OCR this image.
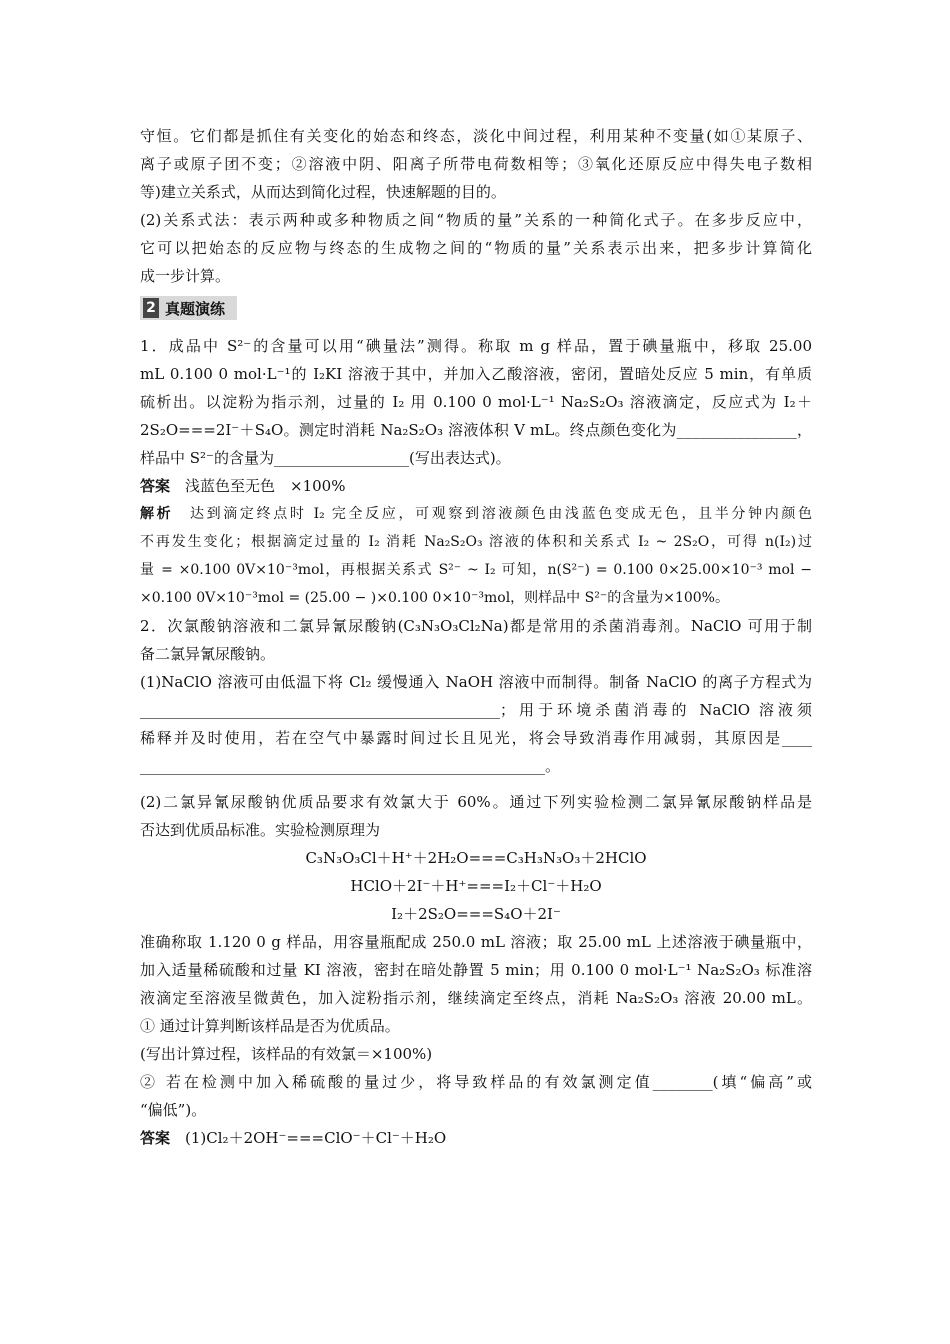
守恒。它们都是抓住有关变化的始态和终态，淡化中间过程，利用某种不变量(如①某原子、
离子或原子团不变；②溶液中阴、阳离子所带电荷数相等；③氧化还原反应中得失电子数相
等)建立关系式，从而达到简化过程，快速解题的目的。
(2)关系式法：表示两种或多种物质之间“物质的量”关系的一种简化式子。在多步反应中，
它可以把始态的反应物与终态的生成物之间的“物质的量”关系表示出来，把多步计算简化
成一步计算。
2 真题演练
1．成品中 S²⁻的含量可以用“碘量法”测得。称取 m g 样品，置于碘量瓶中，移取 25.00
mL 0.100 0 mol·L⁻¹的 I₂KI 溶液于其中，并加入乙酸溶液，密闭，置暗处反应 5 min，有单质
硫析出。以淀粉为指示剂，过量的 I₂ 用 0.100 0 mol·L⁻¹ Na₂S₂O₃ 溶液滴定，反应式为 I₂＋
2S₂O===2I⁻＋S₄O。测定时消耗 Na₂S₂O₃ 溶液体积 V mL。终点颜色变化为________________，
样品中 S²⁻的含量为__________________(写出表达式)。
答案　 浅蓝色至无色　×100%
解析　 达到滴定终点时 I₂ 完全反应，可观察到溶液颜色由浅蓝色变成无色，且半分钟内颜色
不再发生变化；根据滴定过量的 I₂ 消耗 Na₂S₂O₃ 溶液的体积和关系式 I₂ ~ 2S₂O，可得 n(I₂)过
量 = ×0.100 0V×10⁻³mol，再根据关系式 S²⁻ ~ I₂ 可知，n(S²⁻) = 0.100 0×25.00×10⁻³ mol −
×0.100 0V×10⁻³mol = (25.00 − )×0.100 0×10⁻³mol，则样品中 S²⁻的含量为×100%。
2．次氯酸钠溶液和二氯异氰尿酸钠(C₃N₃O₃Cl₂Na)都是常用的杀菌消毒剂。NaClO 可用于制
备二氯异氰尿酸钠。
(1)NaClO 溶液可由低温下将 Cl₂ 缓慢通入 NaOH 溶液中而制得。制备 NaClO 的离子方程式为
________________________________________________；用于环境杀菌消毒的 NaClO 溶液须
稀释并及时使用，若在空气中暴露时间过长且见光，将会导致消毒作用减弱，其原因是____
______________________________________________________。
(2)二氯异氰尿酸钠优质品要求有效氯大于 60%。通过下列实验检测二氯异氰尿酸钠样品是
否达到优质品标准。实验检测原理为
C₃N₃O₃Cl＋H⁺＋2H₂O===C₃H₃N₃O₃＋2HClO
HClO＋2I⁻＋H⁺===I₂＋Cl⁻＋H₂O
I₂＋2S₂O===S₄O＋2I⁻
准确称取 1.120 0 g 样品，用容量瓶配成 250.0 mL 溶液；取 25.00 mL 上述溶液于碘量瓶中，
加入适量稀硫酸和过量 KI 溶液，密封在暗处静置 5 min；用 0.100 0 mol·L⁻¹ Na₂S₂O₃ 标准溶
液滴定至溶液呈微黄色，加入淀粉指示剂，继续滴定至终点，消耗 Na₂S₂O₃ 溶液 20.00 mL。
① 通过计算判断该样品是否为优质品。
(写出计算过程，该样品的有效氯＝×100%)
② 若在检测中加入稀硫酸的量过少，将导致样品的有效氯测定值________(填“偏高”或
“偏低”)。
答案　 (1)Cl₂＋2OH⁻===ClO⁻＋Cl⁻＋H₂O
